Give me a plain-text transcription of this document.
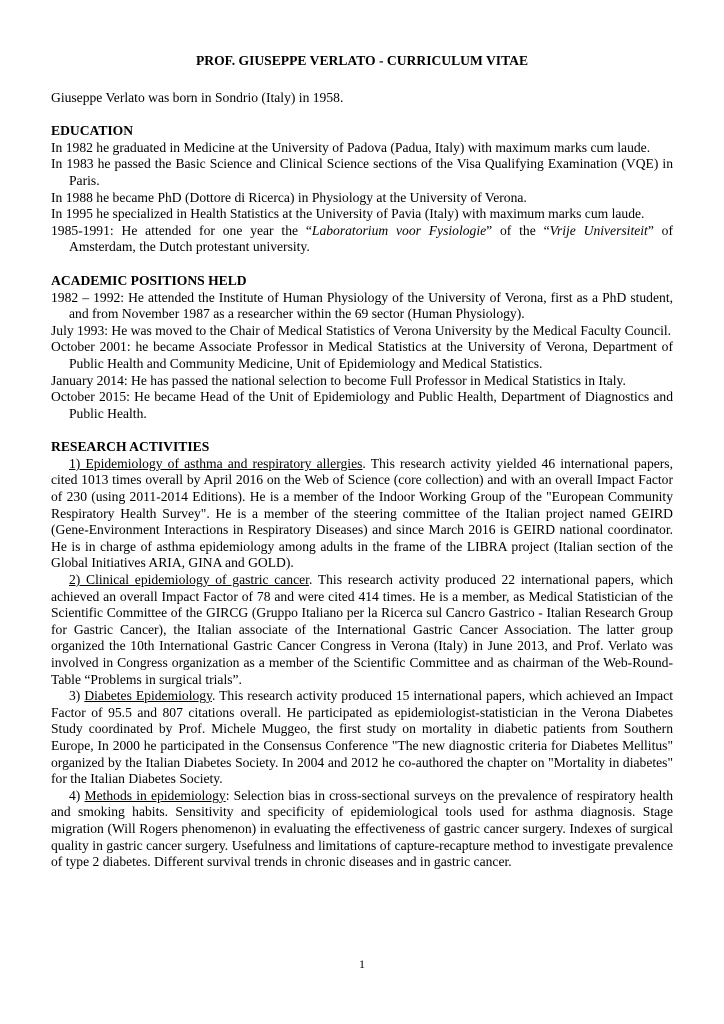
PROF. GIUSEPPE VERLATO - CURRICULUM VITAE

Giuseppe Verlato was born in Sondrio (Italy) in 1958.

EDUCATION

In 1982 he graduated in Medicine at the University of Padova (Padua, Italy) with maximum marks cum laude.

In 1983 he passed the Basic Science and Clinical Science sections of the Visa Qualifying Examination (VQE) in Paris.

In 1988 he became PhD (Dottore di Ricerca) in Physiology at the University of Verona.

In 1995 he specialized in Health Statistics at the University of Pavia (Italy) with maximum marks cum laude.

1985-1991: He attended for one year the “Laboratorium voor Fysiologie” of the “Vrije Universiteit” of Amsterdam, the Dutch protestant university.

ACADEMIC POSITIONS HELD

1982 – 1992: He attended the Institute of Human Physiology of the University of Verona, first as a PhD student, and from November 1987 as a researcher within the 69 sector (Human Physiology).

July 1993: He was moved to the Chair of Medical Statistics of Verona University by the Medical Faculty Council.

October 2001: he became Associate Professor in Medical Statistics at the University of Verona, Department of Public Health and Community Medicine, Unit of Epidemiology and Medical Statistics.

January 2014: He has passed the national selection to become Full Professor in Medical Statistics in Italy.

October 2015: He became Head of the Unit of Epidemiology and Public Health, Department of Diagnostics and Public Health.

RESEARCH ACTIVITIES

1) Epidemiology of asthma and respiratory allergies. This research activity yielded 46 international papers, cited 1013 times overall by April 2016 on the Web of Science (core collection) and with an overall Impact Factor of 230 (using 2011-2014 Editions). He is a member of the Indoor Working Group of the "European Community Respiratory Health Survey". He is a member of the steering committee of the Italian project named GEIRD (Gene-Environment Interactions in Respiratory Diseases) and since March 2016 is GEIRD national coordinator. He is in charge of asthma epidemiology among adults in the frame of the LIBRA project (Italian section of the Global Initiatives ARIA, GINA and GOLD).

2) Clinical epidemiology of gastric cancer. This research activity produced 22 international papers, which achieved an overall Impact Factor of 78 and were cited 414 times. He is a member, as Medical Statistician of the Scientific Committee of the GIRCG (Gruppo Italiano per la Ricerca sul Cancro Gastrico - Italian Research Group for Gastric Cancer), the Italian associate of the International Gastric Cancer Association. The latter group organized the 10th International Gastric Cancer Congress in Verona (Italy) in June 2013, and Prof. Verlato was involved in Congress organization as a member of the Scientific Committee and as chairman of the Web-Round-Table “Problems in surgical trials”.

3) Diabetes Epidemiology. This research activity produced 15 international papers, which achieved an Impact Factor of 95.5 and 807 citations overall. He participated as epidemiologist-statistician in the Verona Diabetes Study coordinated by Prof. Michele Muggeo, the first study on mortality in diabetic patients from Southern Europe, In 2000 he participated in the Consensus Conference "The new diagnostic criteria for Diabetes Mellitus" organized by the Italian Diabetes Society. In 2004 and 2012 he co-authored the chapter on "Mortality in diabetes" for the Italian Diabetes Society.

4) Methods in epidemiology: Selection bias in cross-sectional surveys on the prevalence of respiratory health and smoking habits. Sensitivity and specificity of epidemiological tools used for asthma diagnosis. Stage migration (Will Rogers phenomenon) in evaluating the effectiveness of gastric cancer surgery. Indexes of surgical quality in gastric cancer surgery. Usefulness and limitations of capture-recapture method to investigate prevalence of type 2 diabetes. Different survival trends in chronic diseases and in gastric cancer.

1
